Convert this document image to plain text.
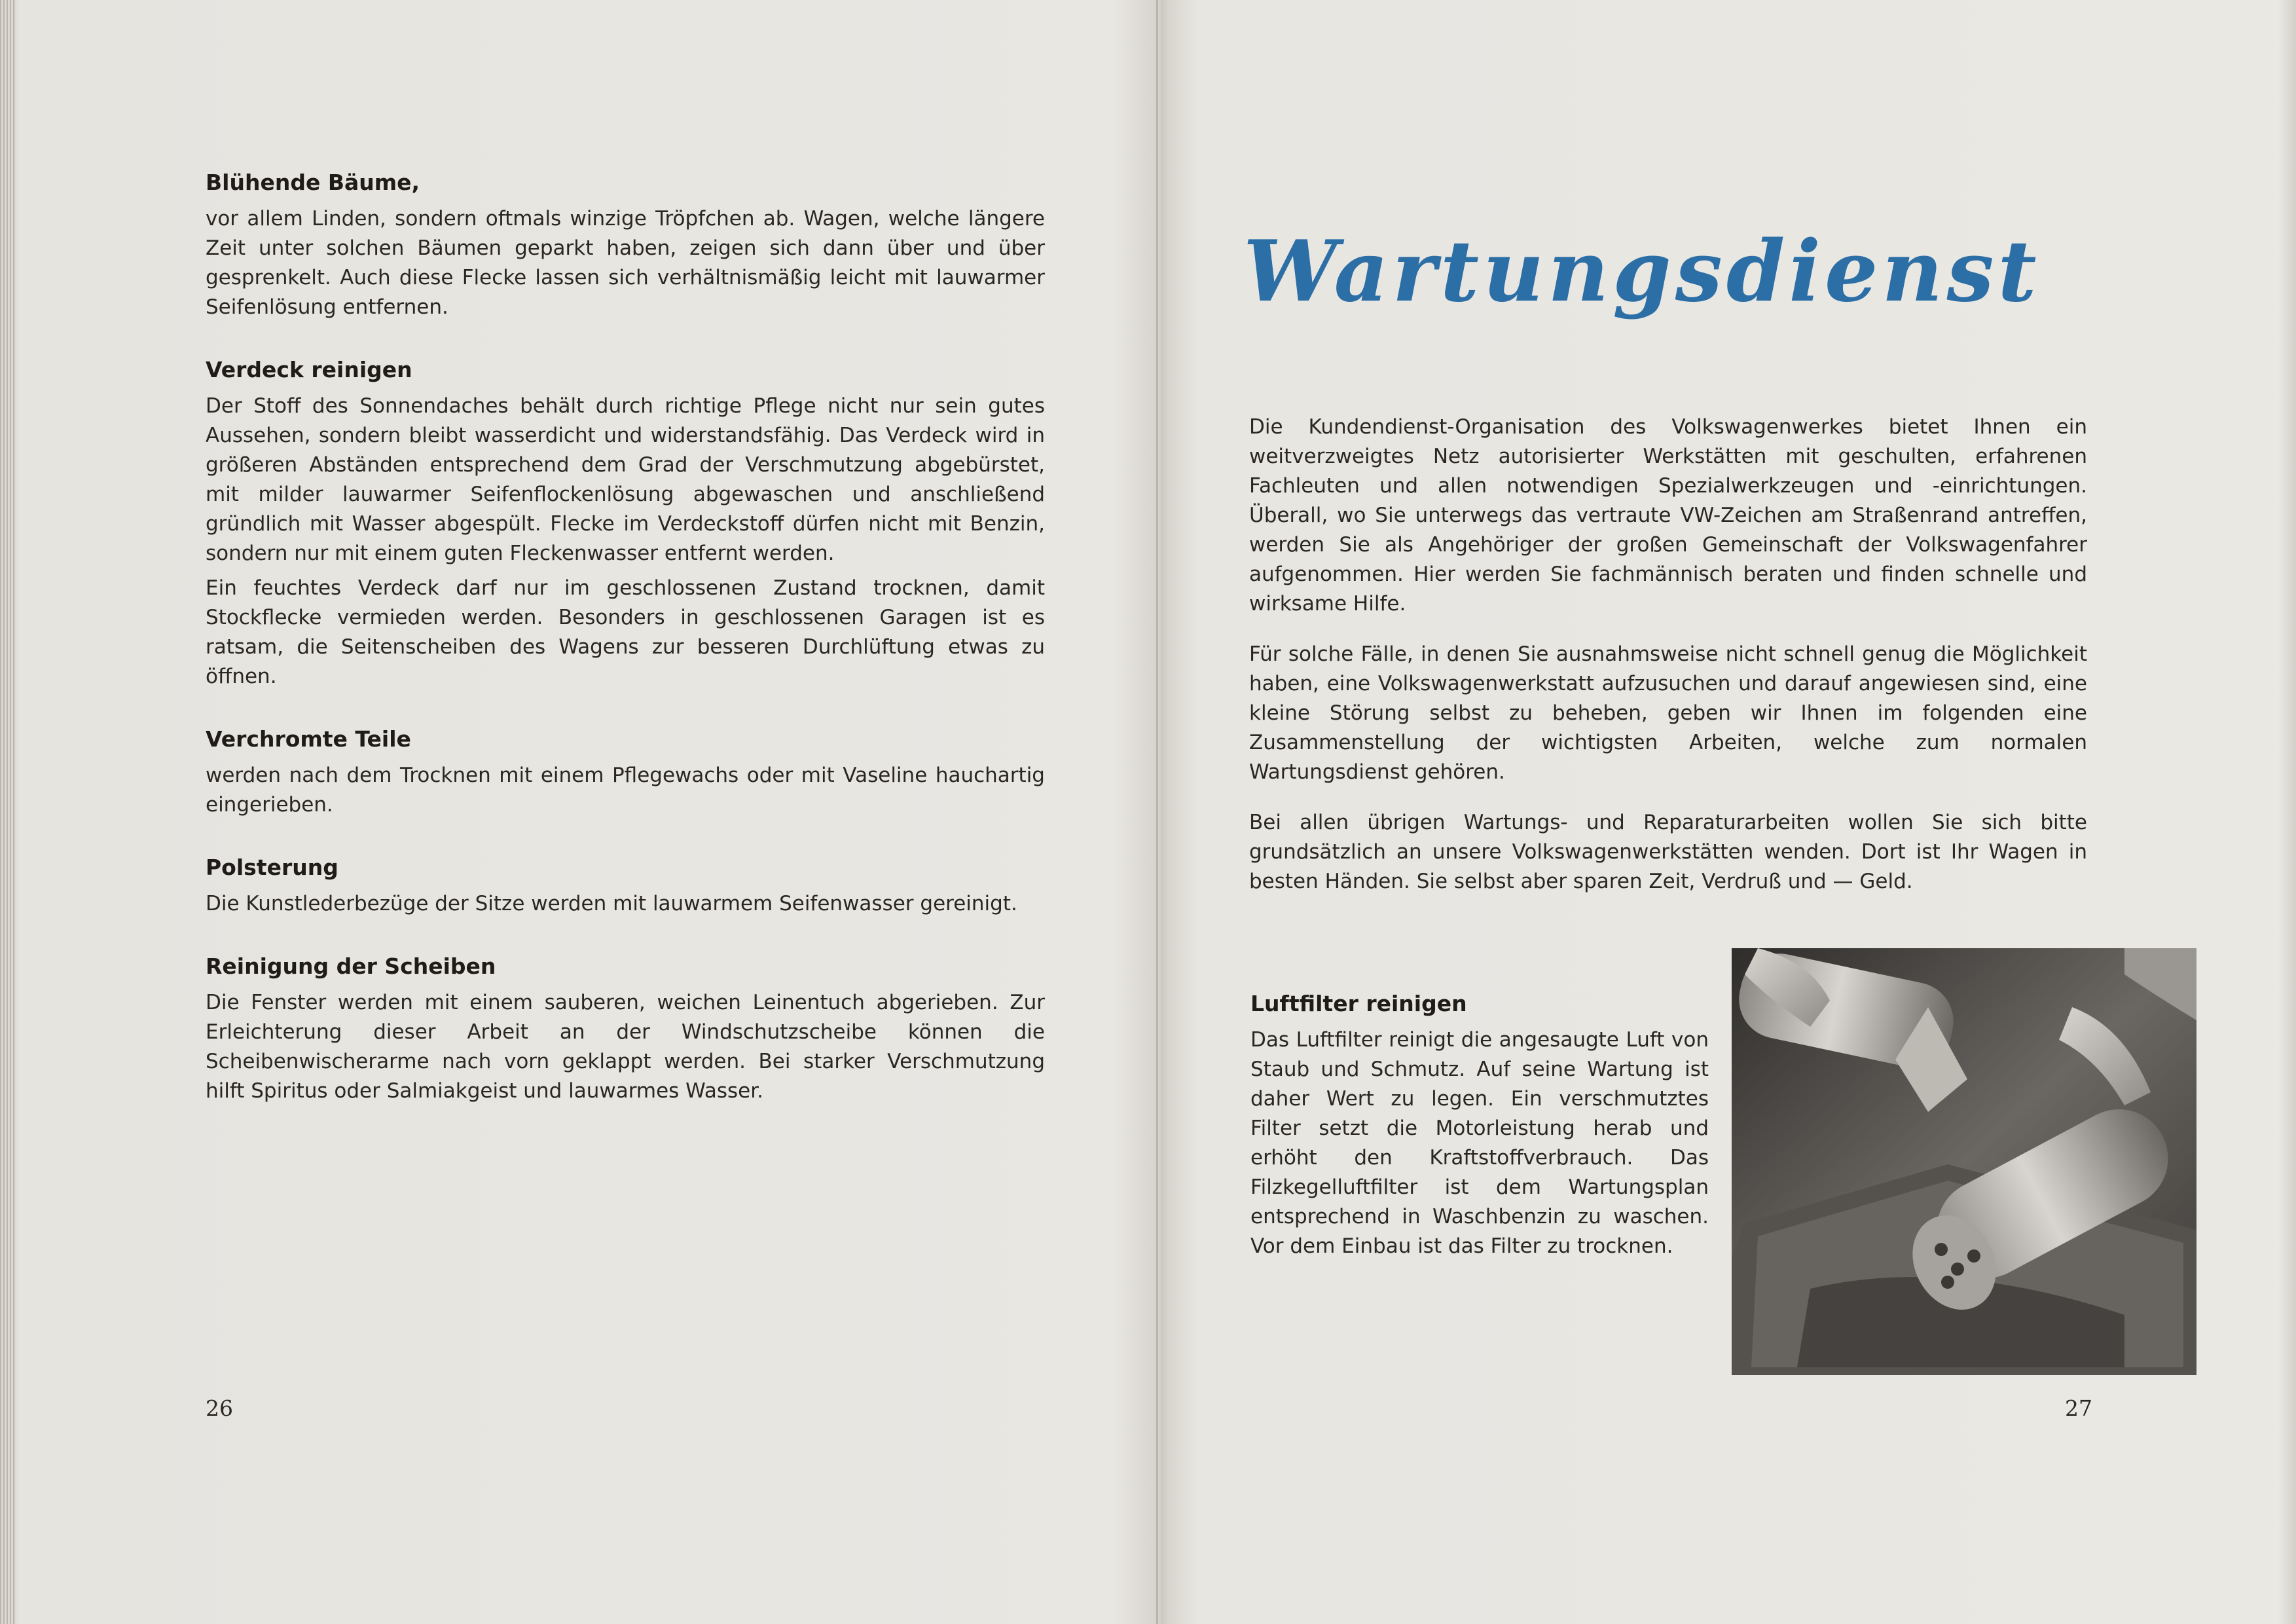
Blühende Bäume,

vor allem Linden, sondern oftmals winzige Tröpfchen ab. Wagen, welche längere Zeit unter solchen Bäumen geparkt haben, zeigen sich dann über und über gesprenkelt. Auch diese Flecke lassen sich verhältnismäßig leicht mit lauwarmer Seifenlösung entfernen.

Verdeck reinigen

Der Stoff des Sonnendaches behält durch richtige Pflege nicht nur sein gutes Aussehen, sondern bleibt wasserdicht und widerstandsfähig. Das Verdeck wird in größeren Abständen entsprechend dem Grad der Verschmutzung abgebürstet, mit milder lauwarmer Seifenflockenlösung abgewaschen und anschließend gründlich mit Wasser abgespült. Flecke im Verdeckstoff dürfen nicht mit Benzin, sondern nur mit einem guten Fleckenwasser entfernt werden.

Ein feuchtes Verdeck darf nur im geschlossenen Zustand trocknen, damit Stockflecke vermieden werden. Besonders in geschlossenen Garagen ist es ratsam, die Seitenscheiben des Wagens zur besseren Durchlüftung etwas zu öffnen.

Verchromte Teile

werden nach dem Trocknen mit einem Pflegewachs oder mit Vaseline hauchartig eingerieben.

Polsterung

Die Kunstlederbezüge der Sitze werden mit lauwarmem Seifenwasser gereinigt.

Reinigung der Scheiben

Die Fenster werden mit einem sauberen, weichen Leinentuch abgerieben. Zur Erleichterung dieser Arbeit an der Windschutzscheibe können die Scheibenwischerarme nach vorn geklappt werden. Bei starker Verschmutzung hilft Spiritus oder Salmiakgeist und lauwarmes Wasser.

26

Wartungsdienst

Die Kundendienst-Organisation des Volkswagenwerkes bietet Ihnen ein weitverzweigtes Netz autorisierter Werkstätten mit geschulten, erfahrenen Fachleuten und allen notwendigen Spezialwerkzeugen und -einrichtungen. Überall, wo Sie unterwegs das vertraute VW-Zeichen am Straßenrand antreffen, werden Sie als Angehöriger der großen Gemeinschaft der Volkswagenfahrer aufgenommen. Hier werden Sie fachmännisch beraten und finden schnelle und wirksame Hilfe.

Für solche Fälle, in denen Sie ausnahmsweise nicht schnell genug die Möglichkeit haben, eine Volkswagenwerkstatt aufzusuchen und darauf angewiesen sind, eine kleine Störung selbst zu beheben, geben wir Ihnen im folgenden eine Zusammenstellung der wichtigsten Arbeiten, welche zum normalen Wartungsdienst gehören.

Bei allen übrigen Wartungs- und Reparaturarbeiten wollen Sie sich bitte grundsätzlich an unsere Volkswagenwerkstätten wenden. Dort ist Ihr Wagen in besten Händen. Sie selbst aber sparen Zeit, Verdruß und — Geld.

Luftfilter reinigen

Das Luftfilter reinigt die angesaugte Luft von Staub und Schmutz. Auf seine Wartung ist daher Wert zu legen. Ein verschmutztes Filter setzt die Motorleistung herab und erhöht den Kraftstoffverbrauch. Das Filzkegelluftfilter ist dem Wartungsplan entsprechend in Waschbenzin zu waschen. Vor dem Einbau ist das Filter zu trocknen.

27
